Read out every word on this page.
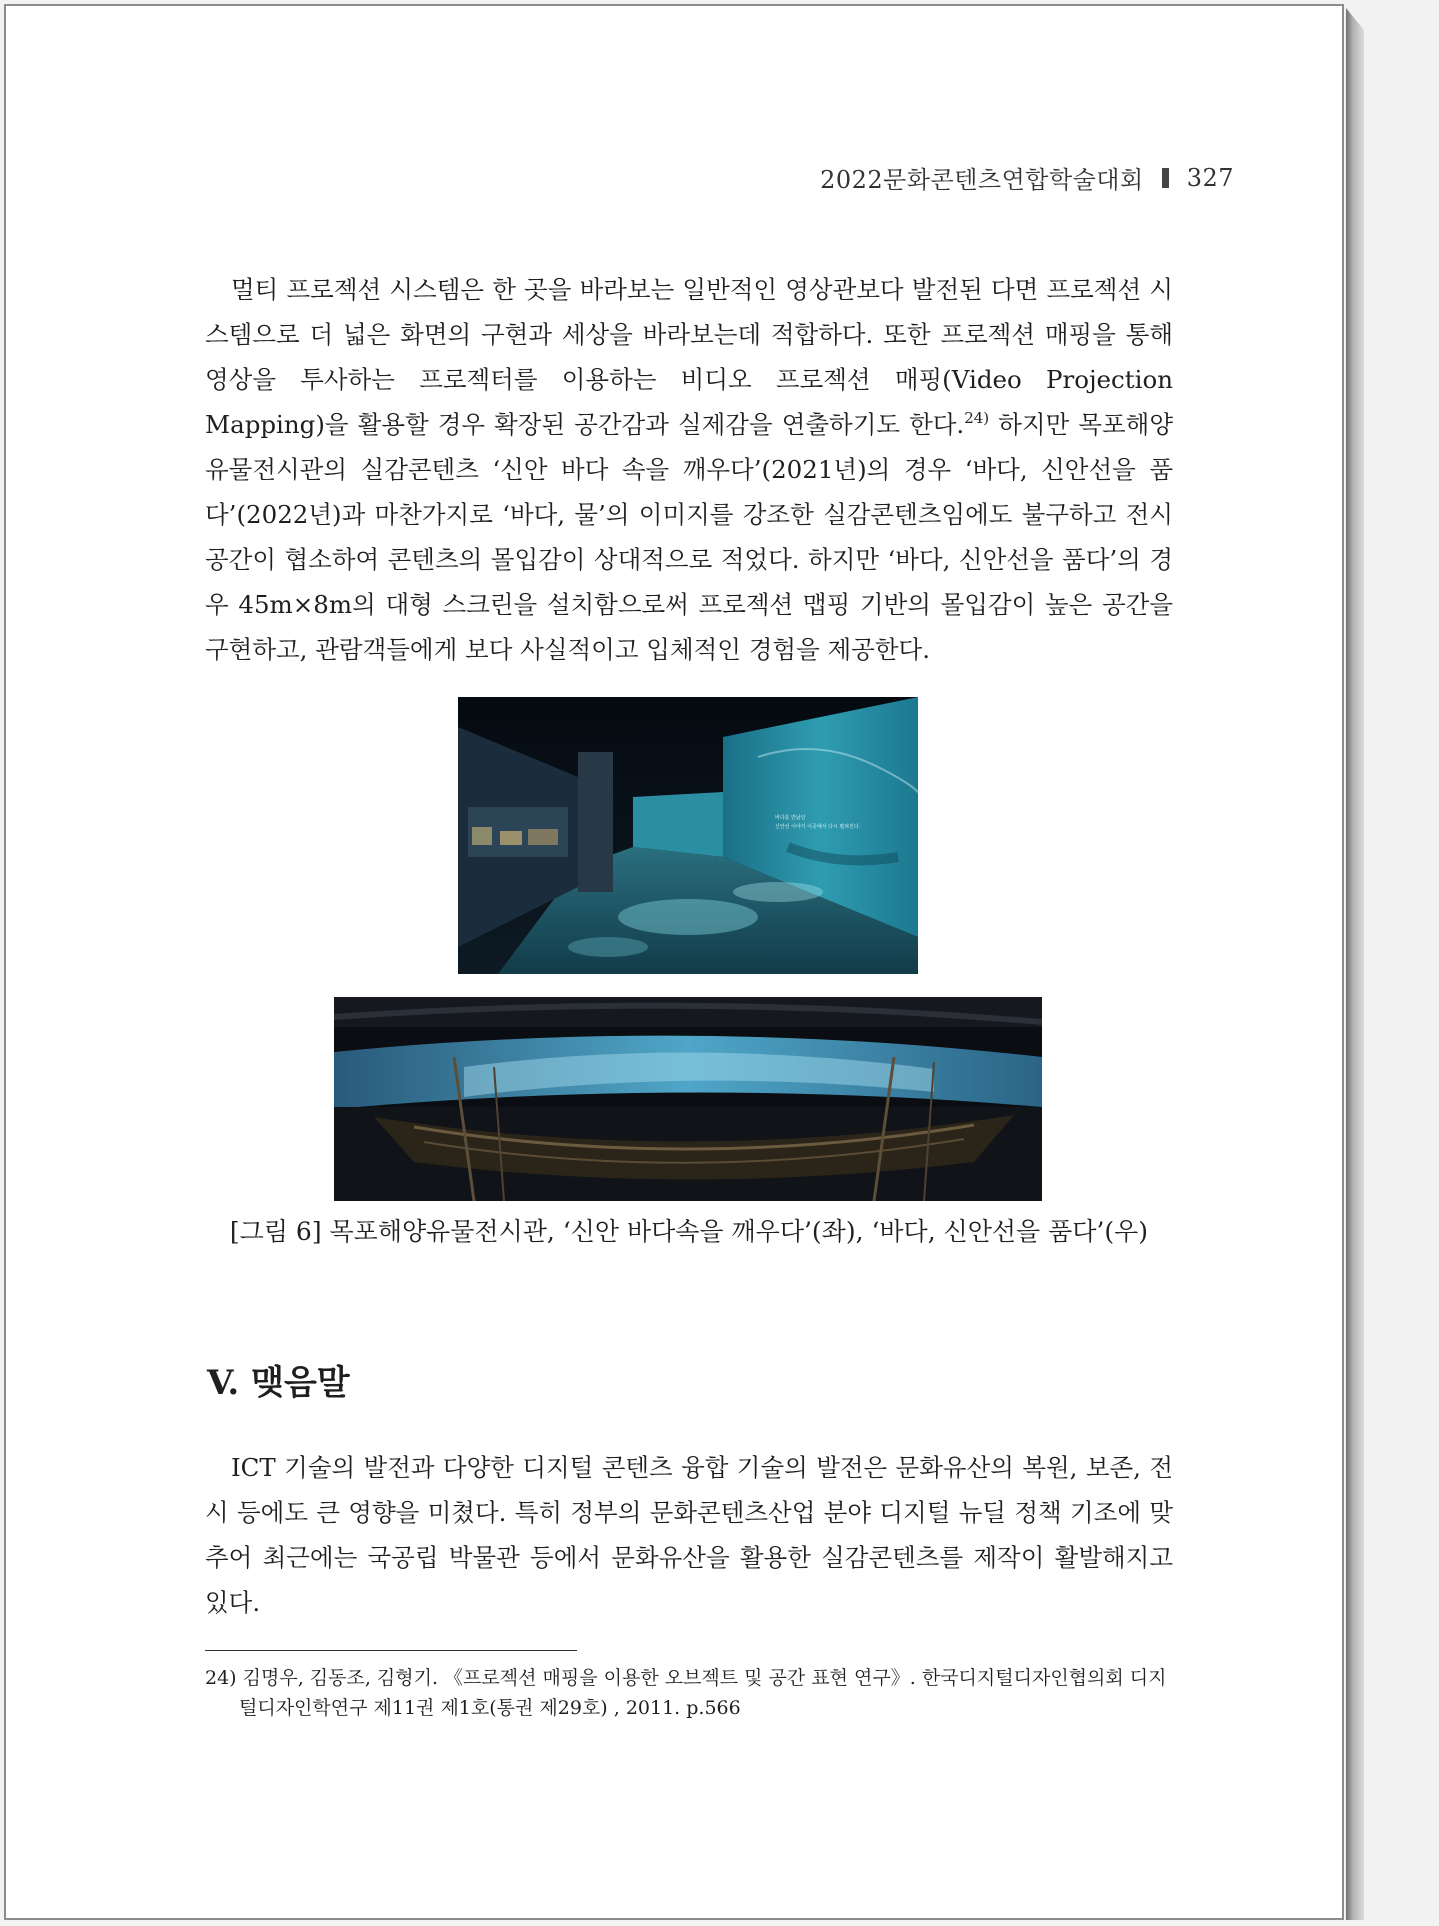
2022문화콘텐츠연합학술대회 327

멀티 프로젝션 시스템은 한 곳을 바라보는 일반적인 영상관보다 발전된 다면 프로젝션 시스템으로 더 넓은 화면의 구현과 세상을 바라보는데 적합하다. 또한 프로젝션 매핑을 통해 영상을 투사하는 프로젝터를 이용하는 비디오 프로젝션 매핑(Video Projection Mapping)을 활용할 경우 확장된 공간감과 실제감을 연출하기도 한다.$^{24)}$ 하지만 목포해양유물전시관의 실감콘텐츠 ‘신안 바다 속을 깨우다’(2021년)의 경우 ‘바다, 신안선을 품다’(2022년)과 마찬가지로 ‘바다, 물’의 이미지를 강조한 실감콘텐츠임에도 불구하고 전시공간이 협소하여 콘텐츠의 몰입감이 상대적으로 적었다. 하지만 ‘바다, 신안선을 품다’의 경우 45m×8m의 대형 스크린을 설치함으로써 프로젝션 맵핑 기반의 몰입감이 높은 공간을 구현하고, 관람객들에게 보다 사실적이고 입체적인 경험을 제공한다.

바다를 만났던
신안선 이야기 이곳에서 다시 펼쳐진다.
[그림 6] 목포해양유물전시관, ‘신안 바다속을 깨우다’(좌), ‘바다, 신안선을 품다’(우)
V. 맺음말

ICT 기술의 발전과 다양한 디지털 콘텐츠 융합 기술의 발전은 문화유산의 복원, 보존, 전시 등에도 큰 영향을 미쳤다. 특히 정부의 문화콘텐츠산업 분야 디지털 뉴딜 정책 기조에 맞추어 최근에는 국공립 박물관 등에서 문화유산을 활용한 실감콘텐츠를 제작이 활발해지고 있다.

24) 김명우, 김동조, 김형기. 《프로젝션 매핑을 이용한 오브젝트 및 공간 표현 연구》. 한국디지털디자인협의회 디지털디자인학연구 제11권 제1호(통권 제29호) , 2011. p.566
